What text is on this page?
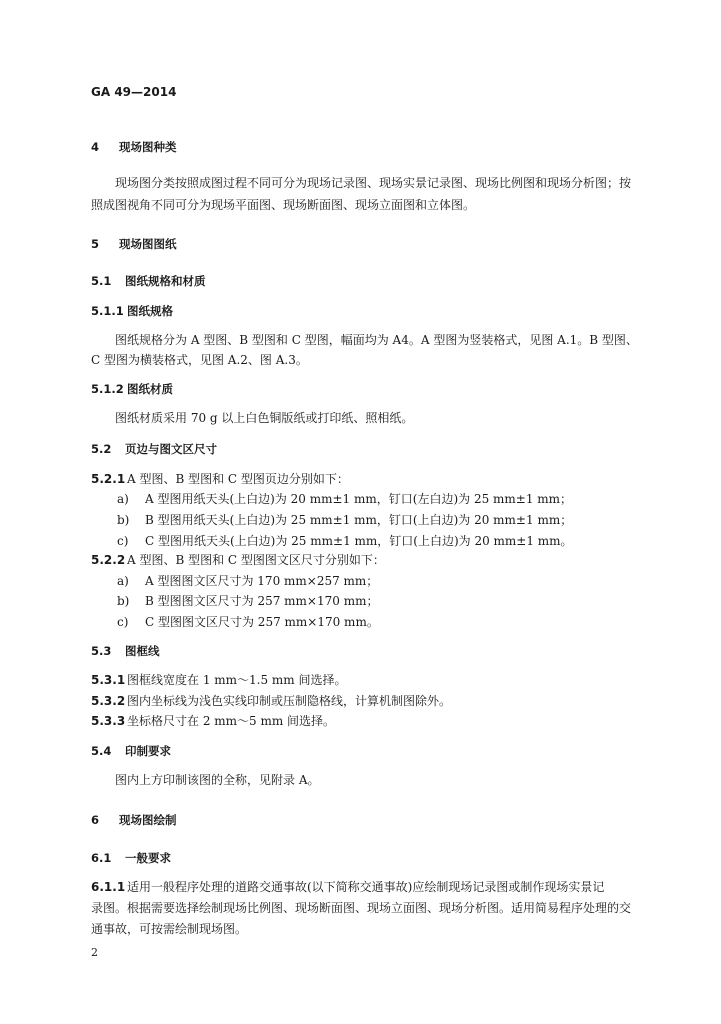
GA 49—2014
4 现场图种类
现场图分类按照成图过程不同可分为现场记录图、现场实景记录图、现场比例图和现场分析图；按
照成图视角不同可分为现场平面图、现场断面图、现场立面图和立体图。
5 现场图图纸
5.1 图纸规格和材质
5.1.1 图纸规格
图纸规格分为 A 型图、B 型图和 C 型图，幅面均为 A4。A 型图为竖装格式，见图 A.1。B 型图、
C 型图为横装格式，见图 A.2、图 A.3。
5.1.2 图纸材质
图纸材质采用 70 g 以上白色铜版纸或打印纸、照相纸。
5.2 页边与图文区尺寸
5.2.1 A 型图、B 型图和 C 型图页边分别如下：
a) A 型图用纸天头(上白边)为 20 mm±1 mm，钉口(左白边)为 25 mm±1 mm；
b) B 型图用纸天头(上白边)为 25 mm±1 mm，钉口(上白边)为 20 mm±1 mm；
c) C 型图用纸天头(上白边)为 25 mm±1 mm，钉口(上白边)为 20 mm±1 mm。
5.2.2 A 型图、B 型图和 C 型图图文区尺寸分别如下：
a) A 型图图文区尺寸为 170 mm×257 mm；
b) B 型图图文区尺寸为 257 mm×170 mm；
c) C 型图图文区尺寸为 257 mm×170 mm。
5.3 图框线
5.3.1 图框线宽度在 1 mm～1.5 mm 间选择。
5.3.2 图内坐标线为浅色实线印制或压制隐格线，计算机制图除外。
5.3.3 坐标格尺寸在 2 mm～5 mm 间选择。
5.4 印制要求
图内上方印制该图的全称，见附录 A。
6 现场图绘制
6.1 一般要求
6.1.1 适用一般程序处理的道路交通事故(以下简称交通事故)应绘制现场记录图或制作现场实景记
录图。根据需要选择绘制现场比例图、现场断面图、现场立面图、现场分析图。适用简易程序处理的交
通事故，可按需绘制现场图。
2
